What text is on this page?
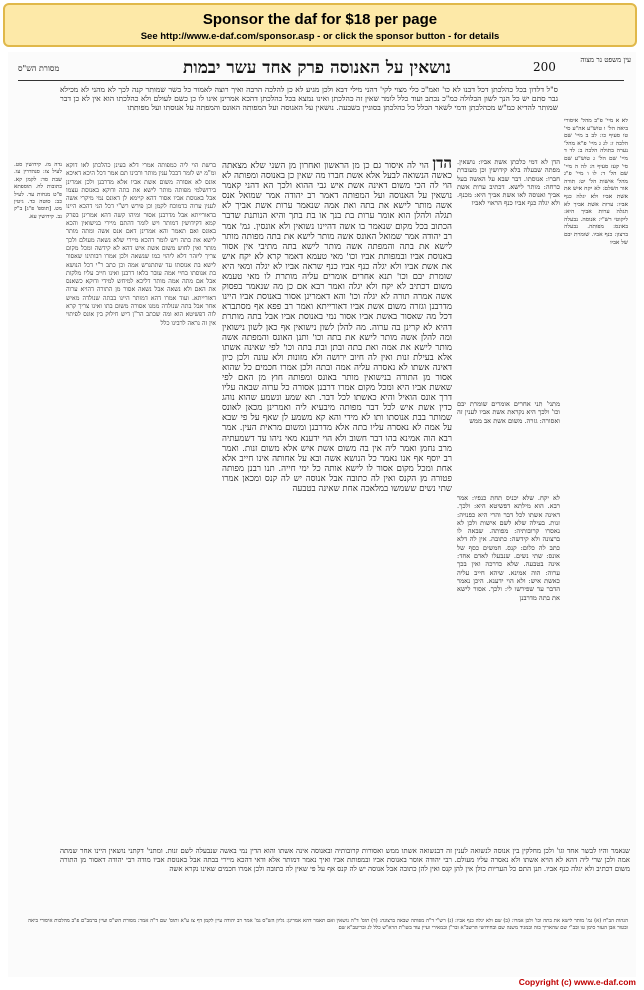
Sponsor the daf for $18 per page
See http://www.e-daf.com/sponsor.asp - or click the sponsor button - for details
מסורת הש"ס	נושאין על האנוסה פרק אחד עשר יבמות	200	עין משפט נר מצוה
ס"ל דלדון בכל כהלכתן דכל דבנו לא כו' ואמ"כ כלי מצוי לקי' דהני מילי דבא ולכן מגיע לא כן להלכה הרבה ואיך רוצה לאמור כל בשר שמותר קנה לכך לא מהני לא מכילא גבר סתם יש כל הנך לשון הבלולה כמ"כ נכתב ועוד כלל לומר שאין זה כהלכתן ואינו נמצא בכל כהלכתן דהכא אמרינן אינו לו כן כשם לעולם ולא כהלכתו הוא אין לא כן דבר שמותר להדיא כמ"ש מכהלכתן ודמי לשאר הכלל כל כהלכתן בסוגיין בשבעה. נושאין על האנוסה ועל המפותה האונס והמפתה על אנוסתו ועל מפותתו
הדן הוי לה איסור גם כן מן הראשון ואחרון מן השני שלא מצאתה כאשה הנשואה לבעל אלא אשת חברו מה שאין כן באנוסה ומפותה לא הוי לה הכי משום דאינה אשת איש גבי ההוא ולכך הא דהני קאמר נושאין על האנוסה ועל המפותה דאמר רב יהודה אמר שמואל אנס אשה מותר לישא את בתה ואת אמה שנאמר ערות אשת אביך לא תגלה ולהלן הוא אומר ערות בת בנך או בת בתך והיא הנותנת שדבר הכתוב בכל מקום שנאמר בו אשה דהיינו נשואין ולא אונסין. גמ' אמר רב יהודה אמר שמואל האונס אשה מותר לישא את בתה מפותה מותר לישא את בתה והמפתה אשה מותר לישא בתה מתיבי אין אסור באנוסת אביו ובמפותת אביו וכו' מאי טעמא דאמר קרא לא יקח איש את אשת אביו ולא יגלה כנף אביו כנף שראה אביו לא יגלה ומאי היא שומרת יבם וכו' תנא אחרים אומרים עליה מותרת לו מאי טעמא משום דכתיב לא יקח ולא יגלה ואמר רבא אם כן מה שנאמר בפסוק אשה אמרה תורה לא יגלה וכו' והא דאמרינן אסור באנוסת אביו היינו מדרבנן וגזרה משום אשת אביו דאורייתא ואמר רב פפא אף מסתברא דכל מה שאסור באשת אביו אסור נמי באנוסת אביו אבל בתה מותרת דהיא לא קרינן בה ערוה. מה להלן לשון נישואין אף כאן לשון נישואין ומה להלן אשה מותר לישא את בתה וכו' ותנן האונס והמפתה אשה מותר לישא את אמה ואת בתה ובתן ובת בתה וכו' לפי שאינה אשתו אלא בעילת זנות ואין לה חיוב ירושה ולא מזונות ולא עונה ולכן כיון דאינה אשתו לא נאסרה עליה אמה ובתה ולכן אמרו חכמים כל שהוא אסור מן התורה בנישואין מותר באונס ומפותה חוץ מן האם לפי שאשת אביו היא ומכל מקום אמרו דרבנן אסורה כל ערוה שבאה עליו דרך אונס הואיל והיא כאשתו לכל דבר. תא שמע ונשמע שהוא נוהג כדין אשת איש לכל דבר מפותה מיבעיא ליה ואמרינן מכאן לאונס שמותר בבת אנוסתו ותו לא מידי והא קא משמע לן שאף על פי שבא על אמה לא נאסרה עליו בתה אלא מדרבנן ומשום מראית העין. אמר רבא הוה אמינא בהו דבר חשוב ולא הוי ידענא מאי ניהו עד דשמעתיה מרב נחמן ואמר ליה אין בה משום אשת איש אלא משום זנות. ואמר רב יוסף אף אנו נאמר כל הנושא אשה ובא על אחותה אינו חייב אלא אחת ומכל מקום אסור לו לישא אותה כל ימי חייה. תנו רבנן מפותה פטורה מן הקנס ואין לה כתובה אבל אנוסה יש לה קנס ומכאן אמרו שתי נשים ששמשו במלאכה אחת שאינה בטבעה
ברשת הוי ליה כמפותה אמרי דלא בעינן כהלכתן לאו דוקא ומ"מ יש לומר דבכל ענין מותר ורבינו תם אמר דכל היכא דאיכא אונס לא אסורה משום אשת אביו אלא מדרבנן ולכן אמרינן בירושלמי מפותה מותר לישא את בתה ודוקא באנוסת עצמו אבל באנוסת אביו אסור דהא קיימא לן דאונס נמי מיקרי אשה לענין ערוה כדמוכח לקמן וכן פירש רש"י דכל הני דהכא היינו בדאורייתא אבל מדרבנן אסור ומיהו קשה דהא אמרינן בפרק קמא דקידושין דמותר ויש לומר דהתם מיירי בנישואין והכא באונס ואם תאמר והא אמרינן דאם אנס אשה ומתה מותר לישא את בתה ויש לומר דהכא מיירי שלא נשאה מעולם ולכך מותר ואין לחוש משום אשת איש דהא לא קידשה ומכל מקום צריך ליזהר דלא ליהוי כמו שנשאה ולכן אמרו רבותינו שאסור לישא בת אנוסתו עד שתתגרש אמה וכן כתב ר"י דכל הנושא בת אנוסתו בחיי אמה עובר בלאו דרבנן ואינו חייב עליו מלקות אבל אם מתה אמה מותר דליכא למיחש למידי ודוקא כשאנס את האם ולא נשאה אבל נשאה אסור מן התורה דהויא ערוה דאורייתא. ועוד אמרו דהא דמותר היינו בבתה שנולדה מאיש אחר אבל בתה שנולדה ממנו אסורה משום בתו ואינו צריך קרא לזה דפשיטא הוא ומה שכתב הר"ן דיש חילוק בין אונס לפיתוי אין זה נראה לרבינו כלל
הדן לא דמי כלכתן אשת אביו: נושאין. מפתה שבעלה בלא קידושין וכן מעוברת חברו: אנוסתו. דבר שבא על האשה בעל כרחה: מותר לישא. דכתיב ערות אשת אביך ואנוסה לאו אשת אביך היא: מכנף. ולא יגלה כנף אביו כנף הראוי לאביו
מתני' תני אחרים אומרים שומרת יבם וכו' ולכך היא נקראת אשת אביו לענין זה ואסורה: גזרה. משום אשת אב ממש
לא יקח. שלא יכניס תחת כנפיו: אמר רבא. הוא מילתא דפשיטא היא: ולכך. דאינה אשתו לכל דבר והרי היא כפנויה: זנות. בעילה שלא לשם אישות ולכן לא נאסרו קרובותיה: מפותה. שבאה לו ברצונה ולא קידשה: כתובה. אין לה דלא כתב לה כלום: קנס. חמשים כסף של אונס: שתי נשים. שנבעלו לאדם אחד: אינה בטבעה. שלא כדרכה ואין בכך ערוה: הוה אמינא. שיהא חייב עליה כאשת איש: ולא הוי ידענא. היכן נאמר הדבר עד שפירשו לי: ולכך. אסור לישא את בתה מדרבנן
לא א מיי' פ"ב מהל' איסורי ביאה הל' ו טוש"ע אה"ע סי' טו סעיף כו: לב ב מיי' שם הלכה ז: לג ג מיי' פ"א מהל' נערה בתולה הלכה ב: לד ד מיי' שם הל' ג טוש"ע שם סי' קעז סעיף ה: לה ה מיי' שם הל' ד: לו ו מיי' פ"ג מהל' אישות הל' יט: תורה אור השלם: לא יקח איש את אשת אביו ולא יגלה כנף אביו: ערות אשת אביך לא תגלה ערות אביך היא: ליקוטי רש"י: אנוסה. נבעלה באונס: מפותה. נבעלה ברצון: כנף אביו. שומרת יבם של אביו
נדה מז. קידושין סט. לעיל צז: סנהדרין עו. שבת סד: לקמן קא. כתובות לח. תוספתא פ"ט מנחות עד. לעיל כב: סוטה כד. גיטין מט. [תוספ' פ"ג] ב"ק נב. קידושין עא.
שנאמר והיו לבשר אחד וגו' ולכן מחלקין בין אנוסה לנשואה לענין זה דבנשואה אשתו ממש ואסורות קרובותיה ובאנוסה אינה אשתו והוא הדין נמי באשה שנבעלה לשם זנות. ומתני' דקתני נושאין היינו אחר שמתה אמה ולכן שרי ליה דהא לא הויא אשתו ולא נאסרה עליו מעולם. רבי יהודה אוסר באנוסת אביו ובמפותת אביו ואיך נאמר דמותר אלא ודאי דהכא מיירי בבתה אבל באנוסת אביו מודה רבי יהודה דאסור מן התורה משום דכתיב ולא יגלה כנף אביו. תנן התם כל העריות כולן אין להן קנס ואין להן כתובה אבל אנוסה יש לה קנס אף על פי שאין לה כתובה ולכן אמרו חכמים שאינו נקרא אשה
הגהות הב"ח (א) גמ' מותר לישא את בתה וכו' ולכן אמרו: (ב) שם ולא יגלה כנף אביו: (ג) רש"י ד"ה מפותה שבאה ברצונה: (ד) תוס' ד"ה נושאין ואם תאמר דהא אמרינן: גליון הש"ס גמ' אמר רב יהודה עיין לקמן דף צז ע"א ותוס' שם ד"ה אמר: מסורת הש"ס ועיין ברמב"ם פ"ב מהלכות איסורי ביאה ובטור אבן העזר סימן טו ובב"י שם שהאריך בזה ובמגיד משנה שם ובחידושי הרשב"א ובר"ן ובמאירי ועיין עוד בשו"ת הרא"ש כלל לג ובריטב"א שם
Copyright (c) www.e-daf.com
